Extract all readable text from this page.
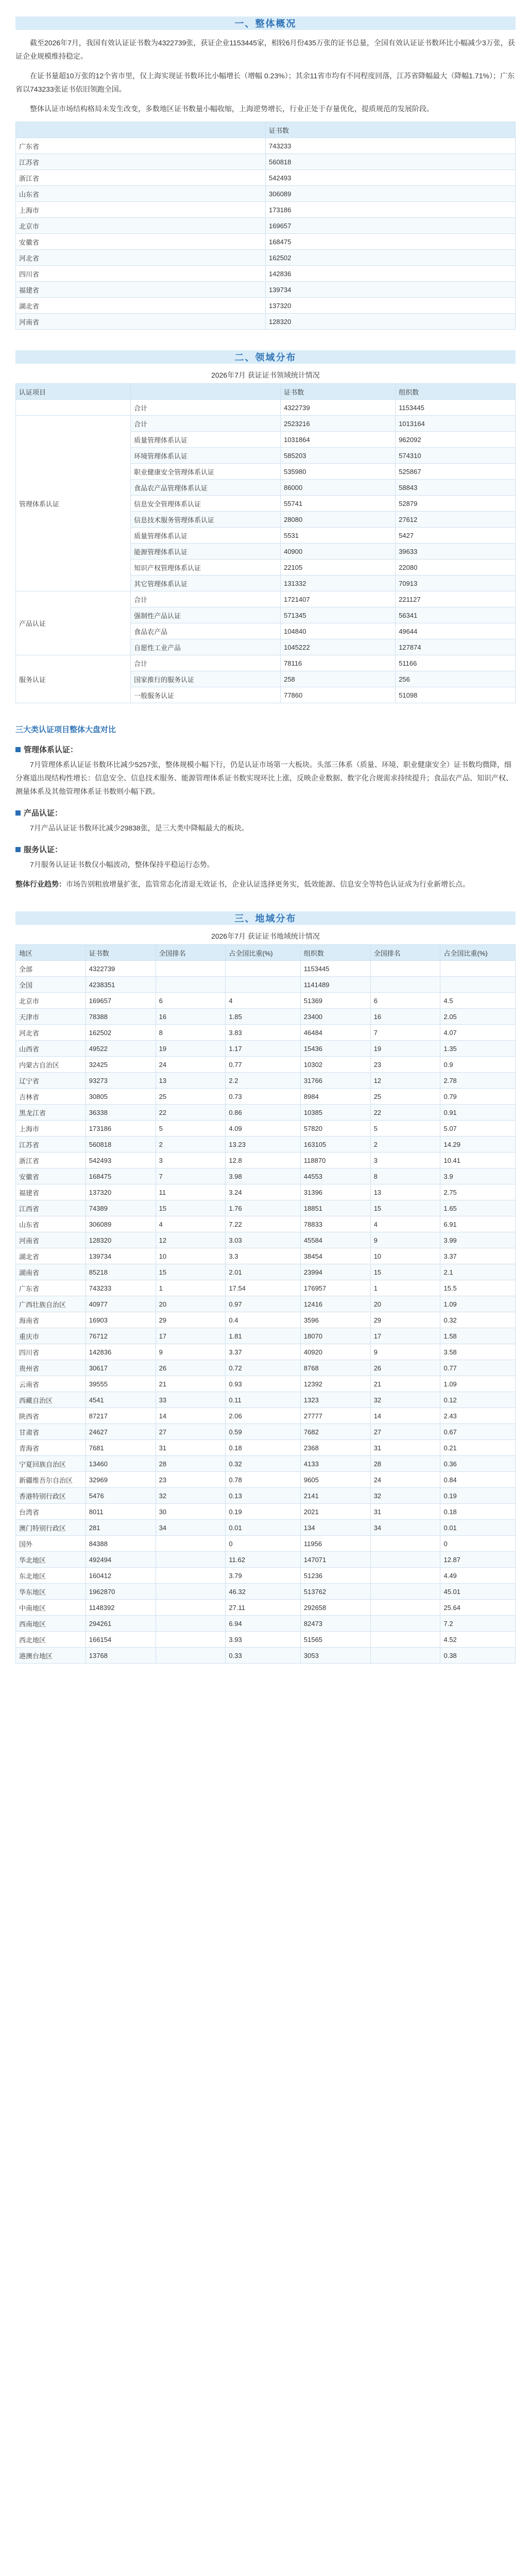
一、整体概况

截至2026年7月，我国有效认证证书数为4322739张，获证企业1153445家，相较6月份435万张的证书总量，全国有效认证证书数环比小幅减少3万张，获证企业规模维持稳定。

在证书量超10万张的12个省市里，仅上海实现证书数环比小幅增长（增幅 0.23%）；其余11省市均有不同程度回落，江苏省降幅最大（降幅1.71%）；广东省以743233张证书依旧领跑全国。

整体认证市场结构格局未发生改变，多数地区证书数量小幅收缩，上海逆势增长，行业正处于存量优化，提质规范的发展阶段。

	证书数
广东省	743233
江苏省	560818
浙江省	542493
山东省	306089
上海市	173186
北京市	169657
安徽省	168475
河北省	162502
四川省	142836
福建省	139734
湖北省	137320
河南省	128320
二、领域分布
2026年7月 获证证书领域统计情况
认证项目		证书数	组织数
	合计	4322739	1153445
管理体系认证	合计	2523216	1013164
	质量管理体系认证	1031864	962092
	环境管理体系认证	585203	574310
	职业健康安全管理体系认证	535980	525867
	食品农产品管理体系认证	86000	58843
	信息安全管理体系认证	55741	52879
	信息技术服务管理体系认证	28080	27612
	质量管理体系认证	5531	5427
	能源管理体系认证	40900	39633
	知识产权管理体系认证	22105	22080
	其它管理体系认证	131332	70913
产品认证	合计	1721407	221127
	强制性产品认证	571345	56341
	食品农产品	104840	49644
	自愿性工业产品	1045222	127874
服务认证	合计	78116	51166
	国家推行的服务认证	258	256
	一般服务认证	77860	51098
三大类认证项目整体大盘对比
管理体系认证：

7月管理体系认证证书数环比减少5257张，整体规模小幅下行，仍是认证市场第一大板块。头部三体系（质量、环境、职业健康安全）证书数均微降，细分赛道出现结构性增长：信息安全、信息技术服务、能源管理体系证书数实现环比上涨，反映企业数据、数字化合规需求持续提升；食品农产品、知识产权、测量体系及其他管理体系证书数则小幅下跌。

产品认证：

7月产品认证证书数环比减少29838张，是三大类中降幅最大的板块。

服务认证：

7月服务认证证书数仅小幅波动，整体保持平稳运行态势。

整体行业趋势：市场告别粗放增量扩张，监管常态化清退无效证书，企业认证选择更务实，低效能源、信息安全等特色认证成为行业新增长点。

三、地域分布
2026年7月 获证证书地域统计情况
地区	证书数	全国排名	占全国比重(%)	组织数	全国排名	占全国比重(%)
全部	4322739			1153445		
全国	4238351			1141489		
北京市	169657	6	4	51369	6	4.5
天津市	78388	16	1.85	23400	16	2.05
河北省	162502	8	3.83	46484	7	4.07
山西省	49522	19	1.17	15436	19	1.35
内蒙古自治区	32425	24	0.77	10302	23	0.9
辽宁省	93273	13	2.2	31766	12	2.78
吉林省	30805	25	0.73	8984	25	0.79
黑龙江省	36338	22	0.86	10385	22	0.91
上海市	173186	5	4.09	57820	5	5.07
江苏省	560818	2	13.23	163105	2	14.29
浙江省	542493	3	12.8	118870	3	10.41
安徽省	168475	7	3.98	44553	8	3.9
福建省	137320	11	3.24	31396	13	2.75
江西省	74389	15	1.76	18851	15	1.65
山东省	306089	4	7.22	78833	4	6.91
河南省	128320	12	3.03	45584	9	3.99
湖北省	139734	10	3.3	38454	10	3.37
湖南省	85218	15	2.01	23994	15	2.1
广东省	743233	1	17.54	176957	1	15.5
广西壮族自治区	40977	20	0.97	12416	20	1.09
海南省	16903	29	0.4	3596	29	0.32
重庆市	76712	17	1.81	18070	17	1.58
四川省	142836	9	3.37	40920	9	3.58
贵州省	30617	26	0.72	8768	26	0.77
云南省	39555	21	0.93	12392	21	1.09
西藏自治区	4541	33	0.11	1323	32	0.12
陕西省	87217	14	2.06	27777	14	2.43
甘肃省	24627	27	0.59	7682	27	0.67
青海省	7681	31	0.18	2368	31	0.21
宁夏回族自治区	13460	28	0.32	4133	28	0.36
新疆维吾尔自治区	32969	23	0.78	9605	24	0.84
香港特别行政区	5476	32	0.13	2141	32	0.19
台湾省	8011	30	0.19	2021	31	0.18
澳门特别行政区	281	34	0.01	134	34	0.01
国外	84388		0	11956		0
华北地区	492494		11.62	147071		12.87
东北地区	160412		3.79	51236		4.49
华东地区	1962870		46.32	513762		45.01
中南地区	1148392		27.11	292658		25.64
西南地区	294261		6.94	82473		7.2
西北地区	166154		3.93	51565		4.52
港澳台地区	13768		0.33	3053		0.38
